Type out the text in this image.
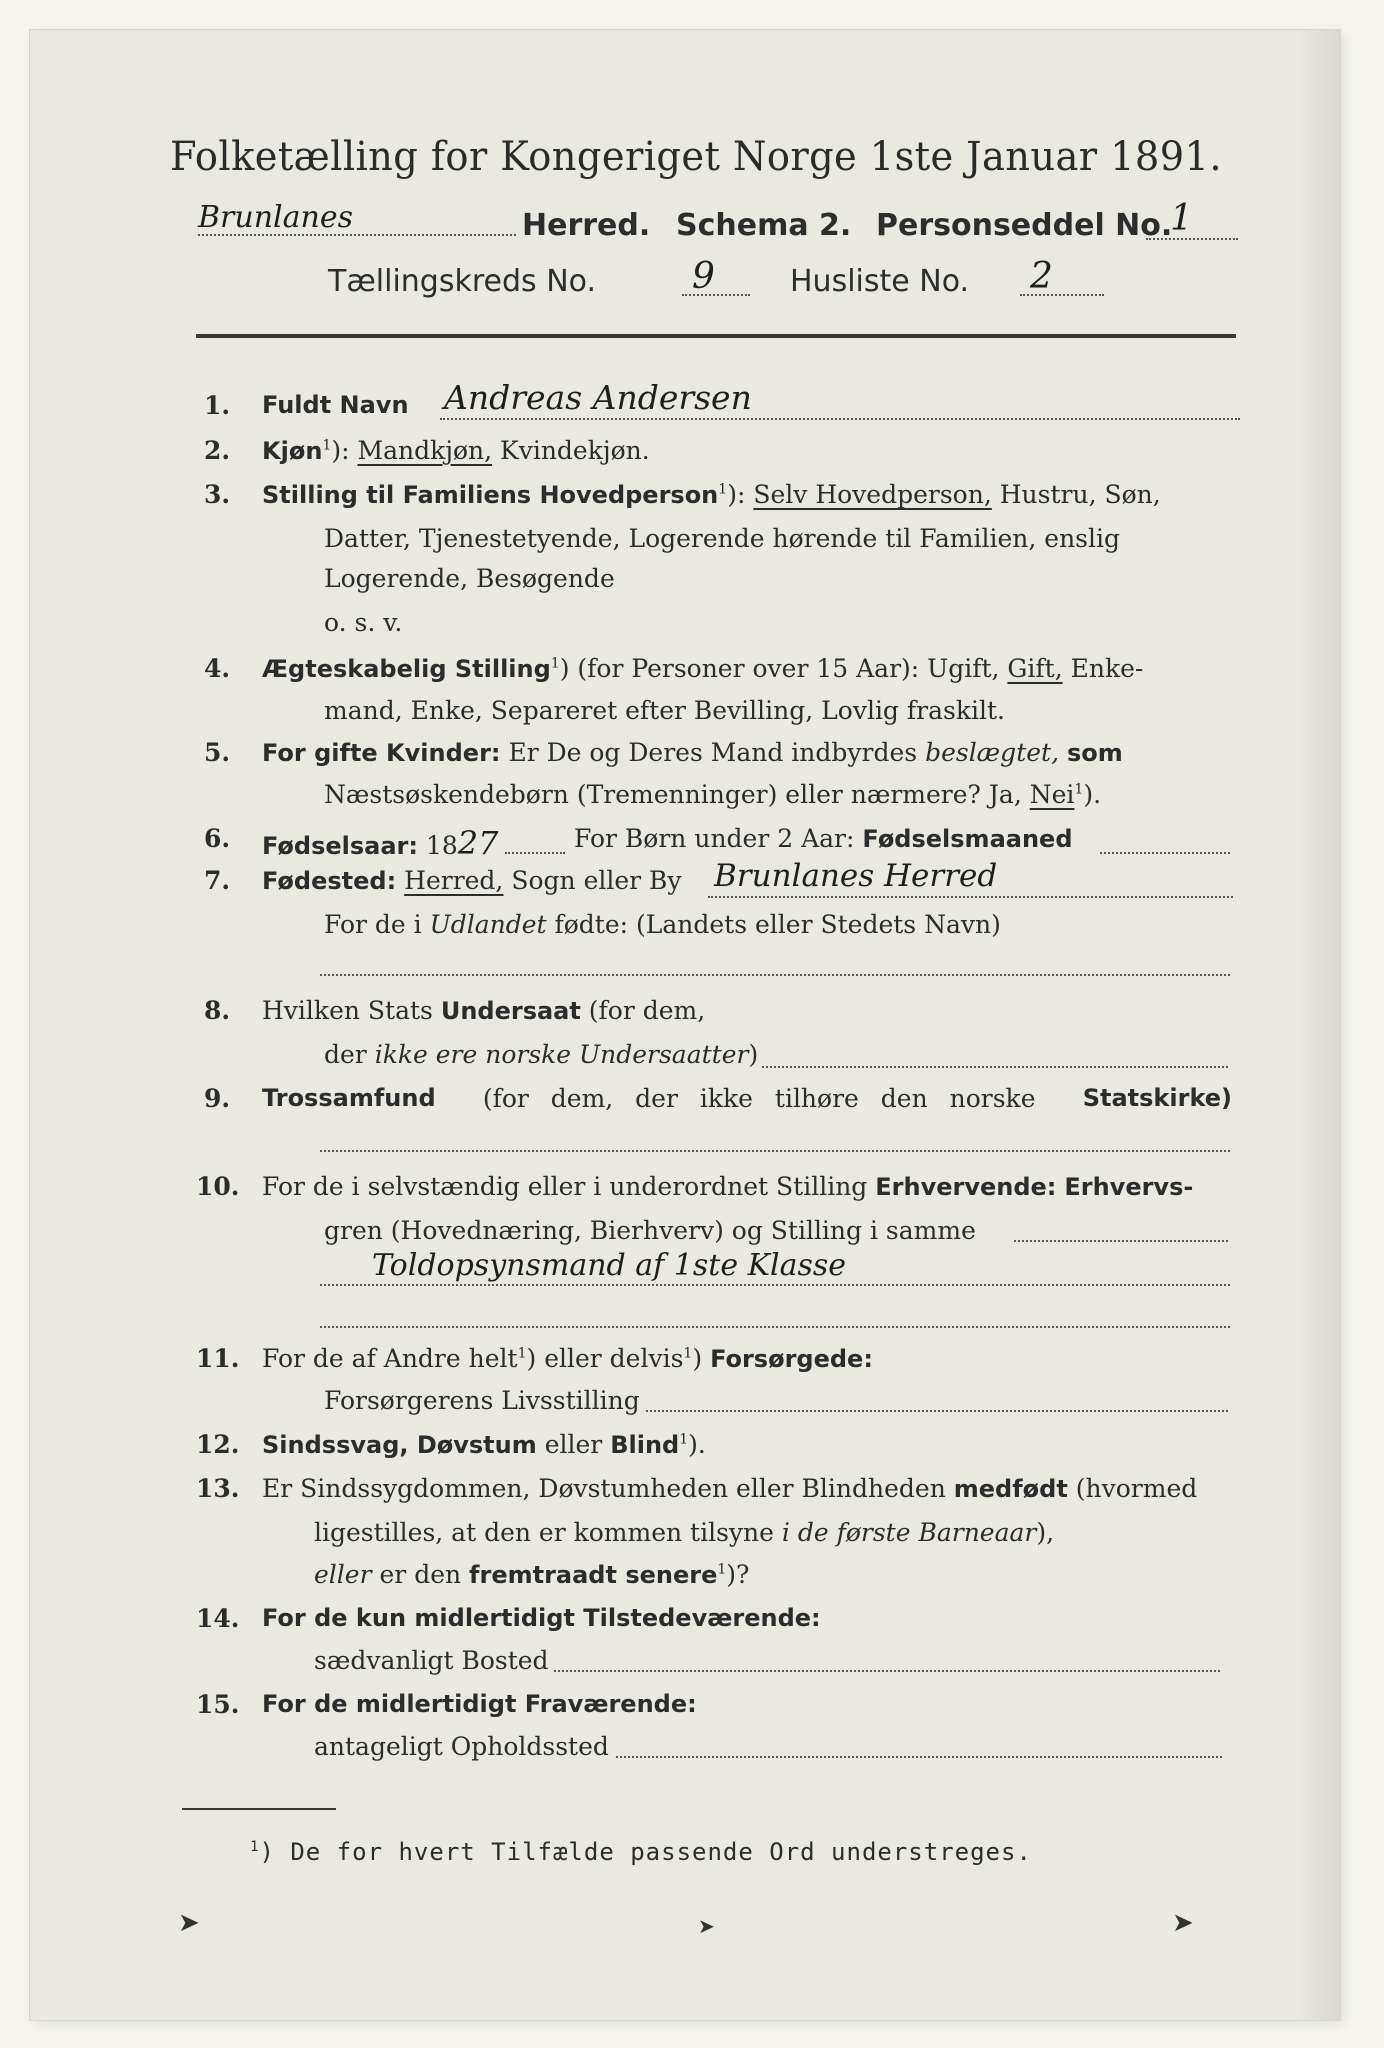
Folketælling for Kongeriget Norge 1ste Januar 1891.
Brunlanes	Herred. Schema 2. Personseddel No.
1
Tællingskreds No.	9	Husliste No. 2
1. Fuldt Navn Andreas Andersen
2. Kjøn$^1$): Mandkjøn, Kvindekjøn.
3. Stilling til Familiens Hovedperson$^1$): Selv Hovedperson, Hustru, Søn,
Datter, Tjenestetyende, Logerende hørende til Familien, enslig
Logerende, Besøgende
o. s. v.
4. Ægteskabelig Stilling$^1$) (for Personer over 15 Aar): Ugift, Gift, Enke-
mand, Enke, Separeret efter Bevilling, Lovlig fraskilt.
5. For gifte Kvinder: Er De og Deres Mand indbyrdes beslægtet, som
Næstsøskendebørn (Tremenninger) eller nærmere? Ja, Nei$^1$).
6. Fødselsaar: 1827	For Børn under 2 Aar: Fødselsmaaned
7. Fødested: Herred, Sogn eller By Brunlanes Herred
For de i Udlandet fødte: (Landets eller Stedets Navn)
8. Hvilken Stats Undersaat (for dem,
der ikke ere norske Undersaatter)
9. Trossamfund (for dem, der ikke tilhøre den norske Statskirke)
10. For de i selvstændig eller i underordnet Stilling Erhvervende: Erhvervs-
gren (Hovednæring, Bierhverv) og Stilling i samme
Toldopsynsmand af 1ste Klasse
11. For de af Andre helt$^1$) eller delvis$^1$) Forsørgede:
Forsørgerens Livsstilling
12. Sindssvag, Døvstum eller Blind$^1$).
13. Er Sindssygdommen, Døvstumheden eller Blindheden medfødt (hvormed
ligestilles, at den er kommen tilsyne i de første Barneaar),
eller er den fremtraadt senere$^1$)?
14. For de kun midlertidigt Tilstedeværende:
sædvanligt Bosted
15. For de midlertidigt Fraværende:
antageligt Opholdssted
$^1$) De for hvert Tilfælde passende Ord understreges.
➤	➤	➤
